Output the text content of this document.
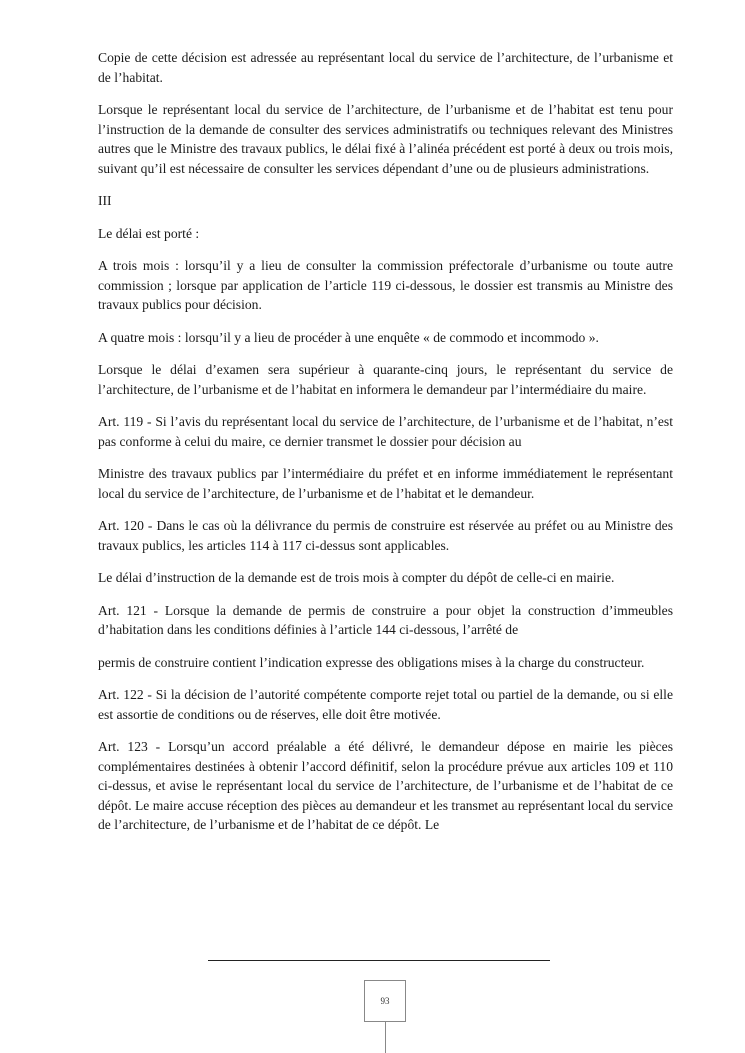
Copie de cette décision est adressée au représentant local du service de l’architecture, de l’urbanisme et de l’habitat.

Lorsque le représentant local du service de l’architecture, de l’urbanisme et de l’habitat est tenu pour l’instruction de la demande de consulter des services administratifs ou techniques relevant des Ministres autres que le Ministre des travaux publics, le délai fixé à l’alinéa précédent est porté à deux ou trois mois, suivant qu’il est nécessaire de consulter les services dépendant d’une ou de plusieurs administrations.

III

Le délai est porté :

A trois mois : lorsqu’il y a lieu de consulter la commission préfectorale d’urbanisme ou toute autre commission ; lorsque par application de l’article 119 ci-dessous, le dossier est transmis au Ministre des travaux publics pour décision.

A quatre mois : lorsqu’il y a lieu de procéder à une enquête « de commodo et incommodo ».

Lorsque le délai d’examen sera supérieur à quarante-cinq jours, le représentant du service de l’architecture, de l’urbanisme et de l’habitat en informera le demandeur par l’intermédiaire du maire.

Art. 119 - Si l’avis du représentant local du service de l’architecture, de l’urbanisme et de l’habitat, n’est pas conforme à celui du maire, ce dernier transmet le dossier pour décision au

Ministre des travaux publics par l’intermédiaire du préfet et en informe immédiatement le représentant local du service de l’architecture, de l’urbanisme et de l’habitat et le demandeur.

Art. 120 - Dans le cas où la délivrance du permis de construire est réservée au préfet ou au Ministre des travaux publics, les articles 114 à 117 ci-dessus sont applicables.

Le délai d’instruction de la demande est de trois mois à compter du dépôt de celle-ci en mairie.

Art. 121 - Lorsque la demande de permis de construire a pour objet la construction d’immeubles d’habitation dans les conditions définies à l’article 144 ci-dessous, l’arrêté de

permis de construire contient l’indication expresse des obligations mises à la charge du constructeur.

Art. 122 - Si la décision de l’autorité compétente comporte rejet total ou partiel de la demande, ou si elle est assortie de conditions ou de réserves, elle doit être motivée.

Art. 123 - Lorsqu’un accord préalable a été délivré, le demandeur dépose en mairie les pièces complémentaires destinées à obtenir l’accord définitif, selon la procédure prévue aux articles 109 et 110 ci-dessus, et avise le représentant local du service de l’architecture, de l’urbanisme et de l’habitat de ce dépôt. Le maire accuse réception des pièces au demandeur et les transmet au représentant local du service de l’architecture, de l’urbanisme et de l’habitat de ce dépôt. Le

93
